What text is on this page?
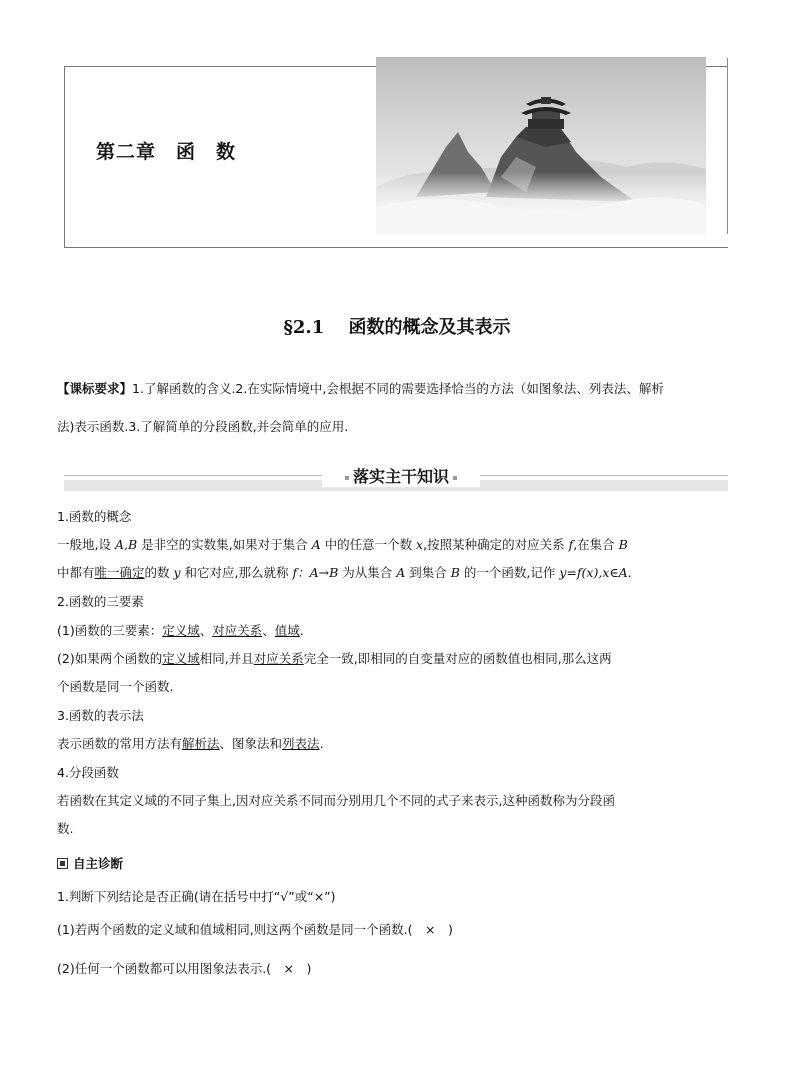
第二章　函　数
§2.1　 函数的概念及其表示
【课标要求】1.了解函数的含义.2.在实际情境中,会根据不同的需要选择恰当的方法（如图象法、列表法、解析
法)表示函数.3.了解简单的分段函数,并会简单的应用.
落实主干知识
1.函数的概念
一般地,设 A,B 是非空的实数集,如果对于集合 A 中的任意一个数 x,按照某种确定的对应关系 f,在集合 B
中都有唯一确定的数 y 和它对应,那么就称 f：A→B 为从集合 A 到集合 B 的一个函数,记作 y=f(x),x∈A.
2.函数的三要素
(1)函数的三要素：定义域、对应关系、值域.
(2)如果两个函数的定义域相同,并且对应关系完全一致,即相同的自变量对应的函数值也相同,那么这两
个函数是同一个函数.
3.函数的表示法
表示函数的常用方法有解析法、图象法和列表法.
4.分段函数
若函数在其定义域的不同子集上,因对应关系不同而分别用几个不同的式子来表示,这种函数称为分段函
数.
自主诊断
1.判断下列结论是否正确(请在括号中打“√”或“×”)
(1)若两个函数的定义域和值域相同,则这两个函数是同一个函数.(　×　)
(2)任何一个函数都可以用图象法表示.(　×　)
